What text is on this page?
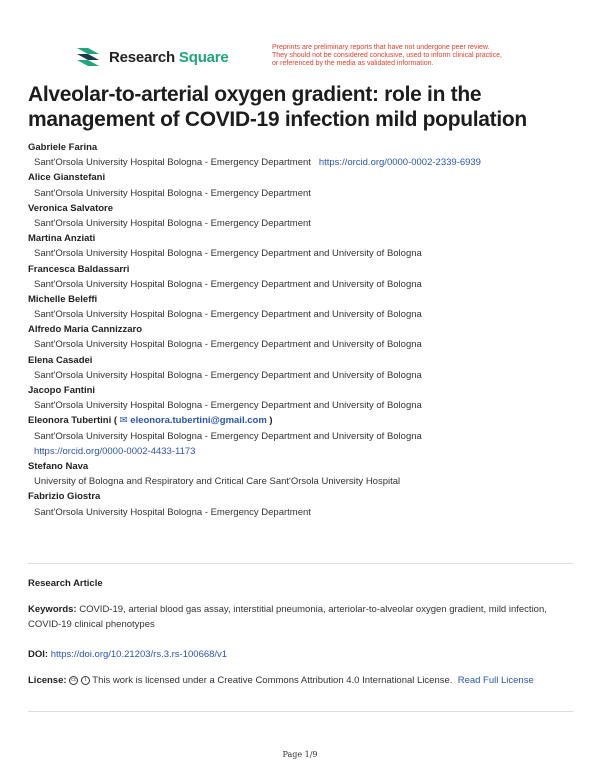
Research Square
Preprints are preliminary reports that have not undergone peer review.
They should not be considered conclusive, used to inform clinical practice,
or referenced by the media as validated information.
Alveolar-to-arterial oxygen gradient: role in the management of COVID-19 infection mild population
Gabriele Farina
Sant'Orsola University Hospital Bologna - Emergency Department https://orcid.org/0000-0002-2339-6939
Alice Gianstefani
Sant'Orsola University Hospital Bologna - Emergency Department
Veronica Salvatore
Sant'Orsola University Hospital Bologna - Emergency Department
Martina Anziati
Sant'Orsola University Hospital Bologna - Emergency Department and University of Bologna
Francesca Baldassarri
Sant'Orsola University Hospital Bologna - Emergency Department and University of Bologna
Michelle Beleffi
Sant'Orsola University Hospital Bologna - Emergency Department and University of Bologna
Alfredo Maria Cannizzaro
Sant'Orsola University Hospital Bologna - Emergency Department and University of Bologna
Elena Casadei
Sant'Orsola University Hospital Bologna - Emergency Department and University of Bologna
Jacopo Fantini
Sant'Orsola University Hospital Bologna - Emergency Department and University of Bologna
Eleonora Tubertini ( ✉ eleonora.tubertini@gmail.com )
Sant'Orsola University Hospital Bologna - Emergency Department and University of Bologna
https://orcid.org/0000-0002-4433-1173
Stefano Nava
University of Bologna and Respiratory and Critical Care Sant'Orsola University Hospital
Fabrizio Giostra
Sant'Orsola University Hospital Bologna - Emergency Department
Research Article
Keywords: COVID-19, arterial blood gas assay, interstitial pneumonia, arteriolar-to-alveolar oxygen gradient, mild infection, COVID-19 clinical phenotypes
DOI: https://doi.org/10.21203/rs.3.rs-100668/v1
License: cc i This work is licensed under a Creative Commons Attribution 4.0 International License. Read Full License
Page 1/9
